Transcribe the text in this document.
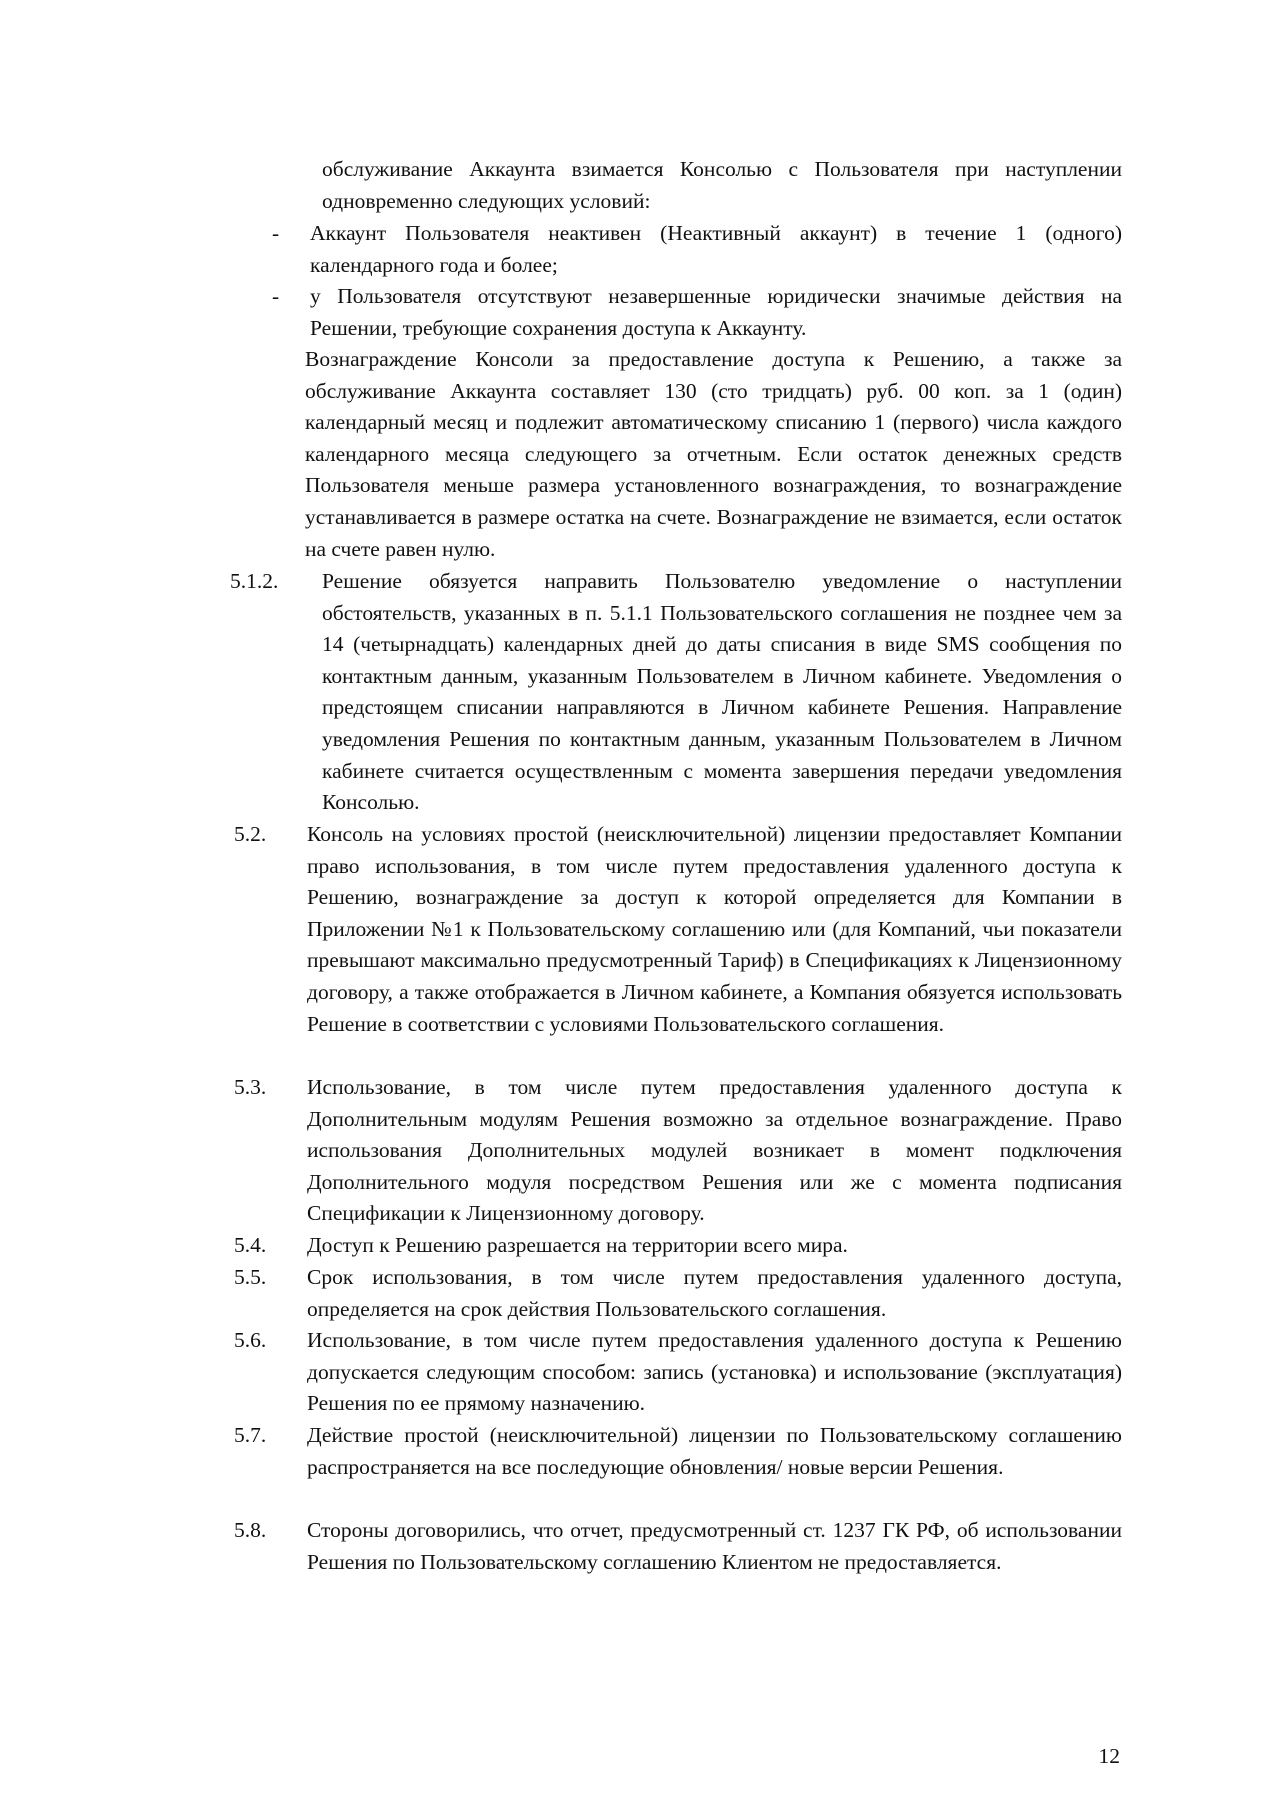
обслуживание Аккаунта взимается Консолью с Пользователя при наступлении одновременно следующих условий:
- Аккаунт Пользователя неактивен (Неактивный аккаунт) в течение 1 (одного) календарного года и более;
- у Пользователя отсутствуют незавершенные юридически значимые действия на Решении, требующие сохранения доступа к Аккаунту.
Вознаграждение Консоли за предоставление доступа к Решению, а также за обслуживание Аккаунта составляет 130 (сто тридцать) руб. 00 коп. за 1 (один) календарный месяц и подлежит автоматическому списанию 1 (первого) числа каждого календарного месяца следующего за отчетным. Если остаток денежных средств Пользователя меньше размера установленного вознаграждения, то вознаграждение устанавливается в размере остатка на счете. Вознаграждение не взимается, если остаток на счете равен нулю.
5.1.2. Решение обязуется направить Пользователю уведомление о наступлении обстоятельств, указанных в п. 5.1.1 Пользовательского соглашения не позднее чем за 14 (четырнадцать) календарных дней до даты списания в виде SMS сообщения по контактным данным, указанным Пользователем в Личном кабинете. Уведомления о предстоящем списании направляются в Личном кабинете Решения. Направление уведомления Решения по контактным данным, указанным Пользователем в Личном кабинете считается осуществленным с момента завершения передачи уведомления Консолью.
5.2. Консоль на условиях простой (неисключительной) лицензии предоставляет Компании право использования, в том числе путем предоставления удаленного доступа к Решению, вознаграждение за доступ к которой определяется для Компании в Приложении №1 к Пользовательскому соглашению или (для Компаний, чьи показатели превышают максимально предусмотренный Тариф) в Спецификациях к Лицензионному договору, а также отображается в Личном кабинете, а Компания обязуется использовать Решение в соответствии с условиями Пользовательского соглашения.
5.3. Использование, в том числе путем предоставления удаленного доступа к Дополнительным модулям Решения возможно за отдельное вознаграждение. Право использования Дополнительных модулей возникает в момент подключения Дополнительного модуля посредством Решения или же с момента подписания Спецификации к Лицензионному договору.
5.4. Доступ к Решению разрешается на территории всего мира.
5.5. Срок использования, в том числе путем предоставления удаленного доступа, определяется на срок действия Пользовательского соглашения.
5.6. Использование, в том числе путем предоставления удаленного доступа к Решению допускается следующим способом: запись (установка) и использование (эксплуатация) Решения по ее прямому назначению.
5.7. Действие простой (неисключительной) лицензии по Пользовательскому соглашению распространяется на все последующие обновления/ новые версии Решения.
5.8. Стороны договорились, что отчет, предусмотренный ст. 1237 ГК РФ, об использовании Решения по Пользовательскому соглашению Клиентом не предоставляется.
12
